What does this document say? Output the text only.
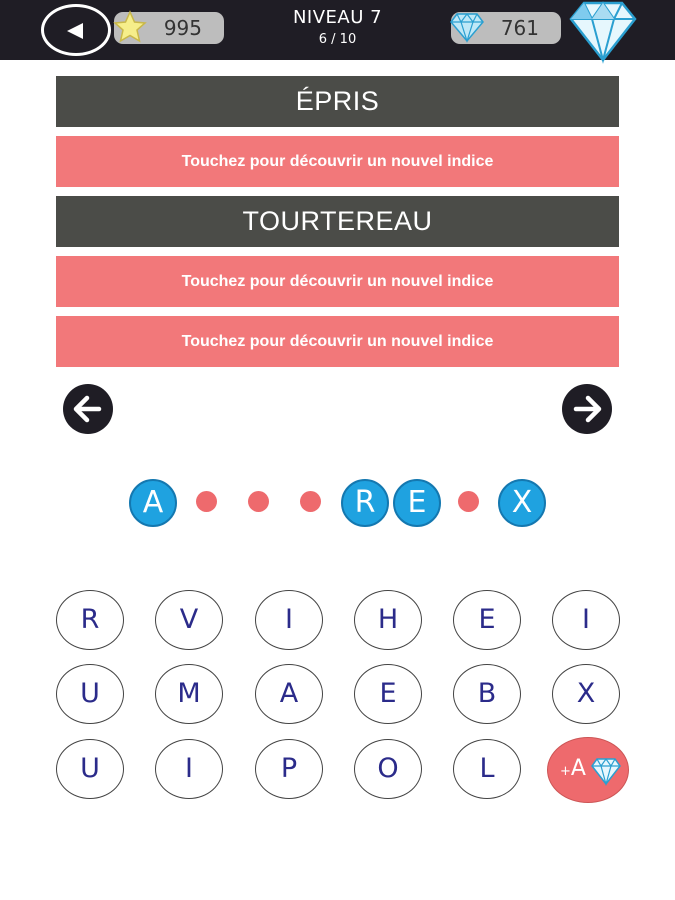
995	NIVEAU 7
6 / 10	761
ÉPRIS
Touchez pour découvrir un nouvel indice
TOURTEREAU
Touchez pour découvrir un nouvel indice
Touchez pour découvrir un nouvel indice
A	R	E	X
R	V	I	H	E	I
U	M	A	E	B	X
U	I	P	O	L	+A
